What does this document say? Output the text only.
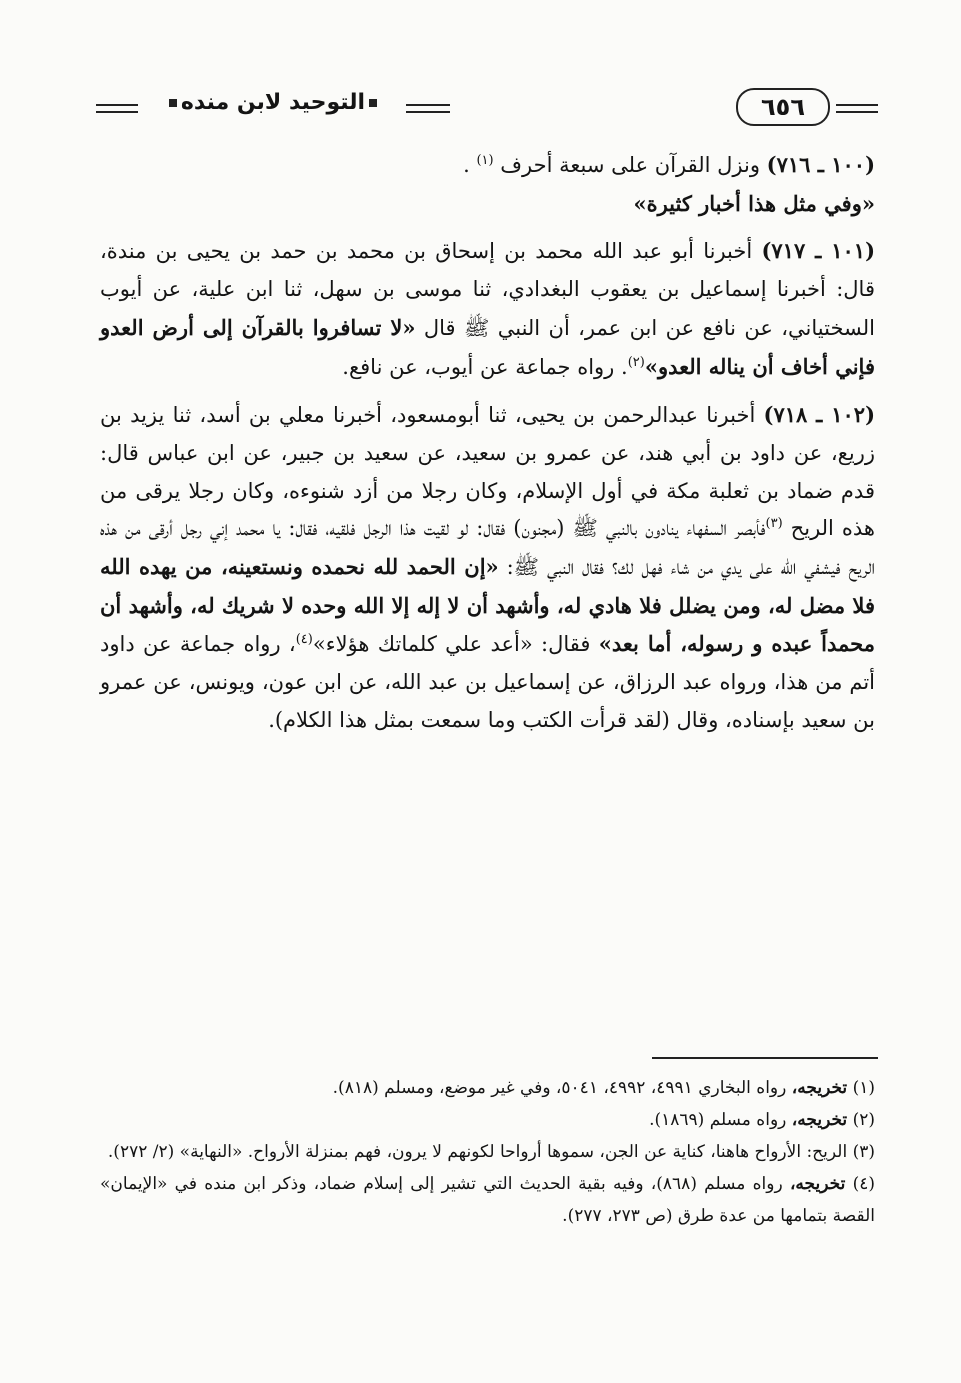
التوحيد لابن منده	٦٥٦

(١٠٠ ـ ٧١٦) ونزل القرآن على سبعة أحرف $^{(١)}$ .

«وفي مثل هذا أخبار كثيرة»

(١٠١ ـ ٧١٧) أخبرنا أبو عبد الله محمد بن إسحاق بن محمد بن حمد بن يحيى بن مندة، قال: أخبرنا إسماعيل بن يعقوب البغدادي، ثنا موسى بن سهل، ثنا ابن علية، عن أيوب السختياني، عن نافع عن ابن عمر، أن النبي ﷺ قال «لا تسافروا بالقرآن إلى أرض العدو فإني أخاف أن يناله العدو»$^{(٢)}$. رواه جماعة عن أيوب، عن نافع.

(١٠٢ ـ ٧١٨) أخبرنا عبدالرحمن بن يحيى، ثنا أبومسعود، أخبرنا معلي بن أسد، ثنا يزيد بن زريع، عن داود بن أبي هند، عن عمرو بن سعيد، عن سعيد بن جبير، عن ابن عباس قال: قدم ضماد بن ثعلبة مكة في أول الإسلام، وكان رجلا من أزد شنوءه، وكان رجلا يرقى من هذه الريح $^{(٣)}$فأبصر السفهاء ينادون بالنبي ﷺ (مجنون) فقال: لو لقيت هذا الرجل فلقيه، فقال: يا محمد إني رجل أرقى من هذه الريح فيشفي الله على يدي من شاء فهل لك؟ فقال النبي ﷺ: «إن الحمد لله نحمده ونستعينه، من يهده الله فلا مضل له، ومن يضلل فلا هادي له، وأشهد أن لا إله إلا الله وحده لا شريك له، وأشهد أن محمداً عبده و رسوله، أما بعد» فقال: «أعد علي كلماتك هؤلاء»$^{(٤)}$، رواه جماعة عن داود أتم من هذا، ورواه عبد الرزاق، عن إسماعيل بن عبد الله، عن ابن عون، ويونس، عن عمرو بن سعيد بإسناده، وقال (لقد قرأت الكتب وما سمعت بمثل هذا الكلام).

(١) تخريجه، رواه البخاري ٤٩٩١، ٤٩٩٢، ٥٠٤١، وفي غير موضع، ومسلم (٨١٨).

(٢) تخريجه، رواه مسلم (١٨٦٩).

(٣) الريح: الأرواح هاهنا، كناية عن الجن، سموها أرواحا لكونهم لا يرون، فهم بمنزلة الأرواح. «النهاية» (٢/ ٢٧٢).

(٤) تخريجه، رواه مسلم (٨٦٨)، وفيه بقية الحديث التي تشير إلى إسلام ضماد، وذكر ابن منده في «الإيمان» القصة بتمامها من عدة طرق (ص ٢٧٣، ٢٧٧).
